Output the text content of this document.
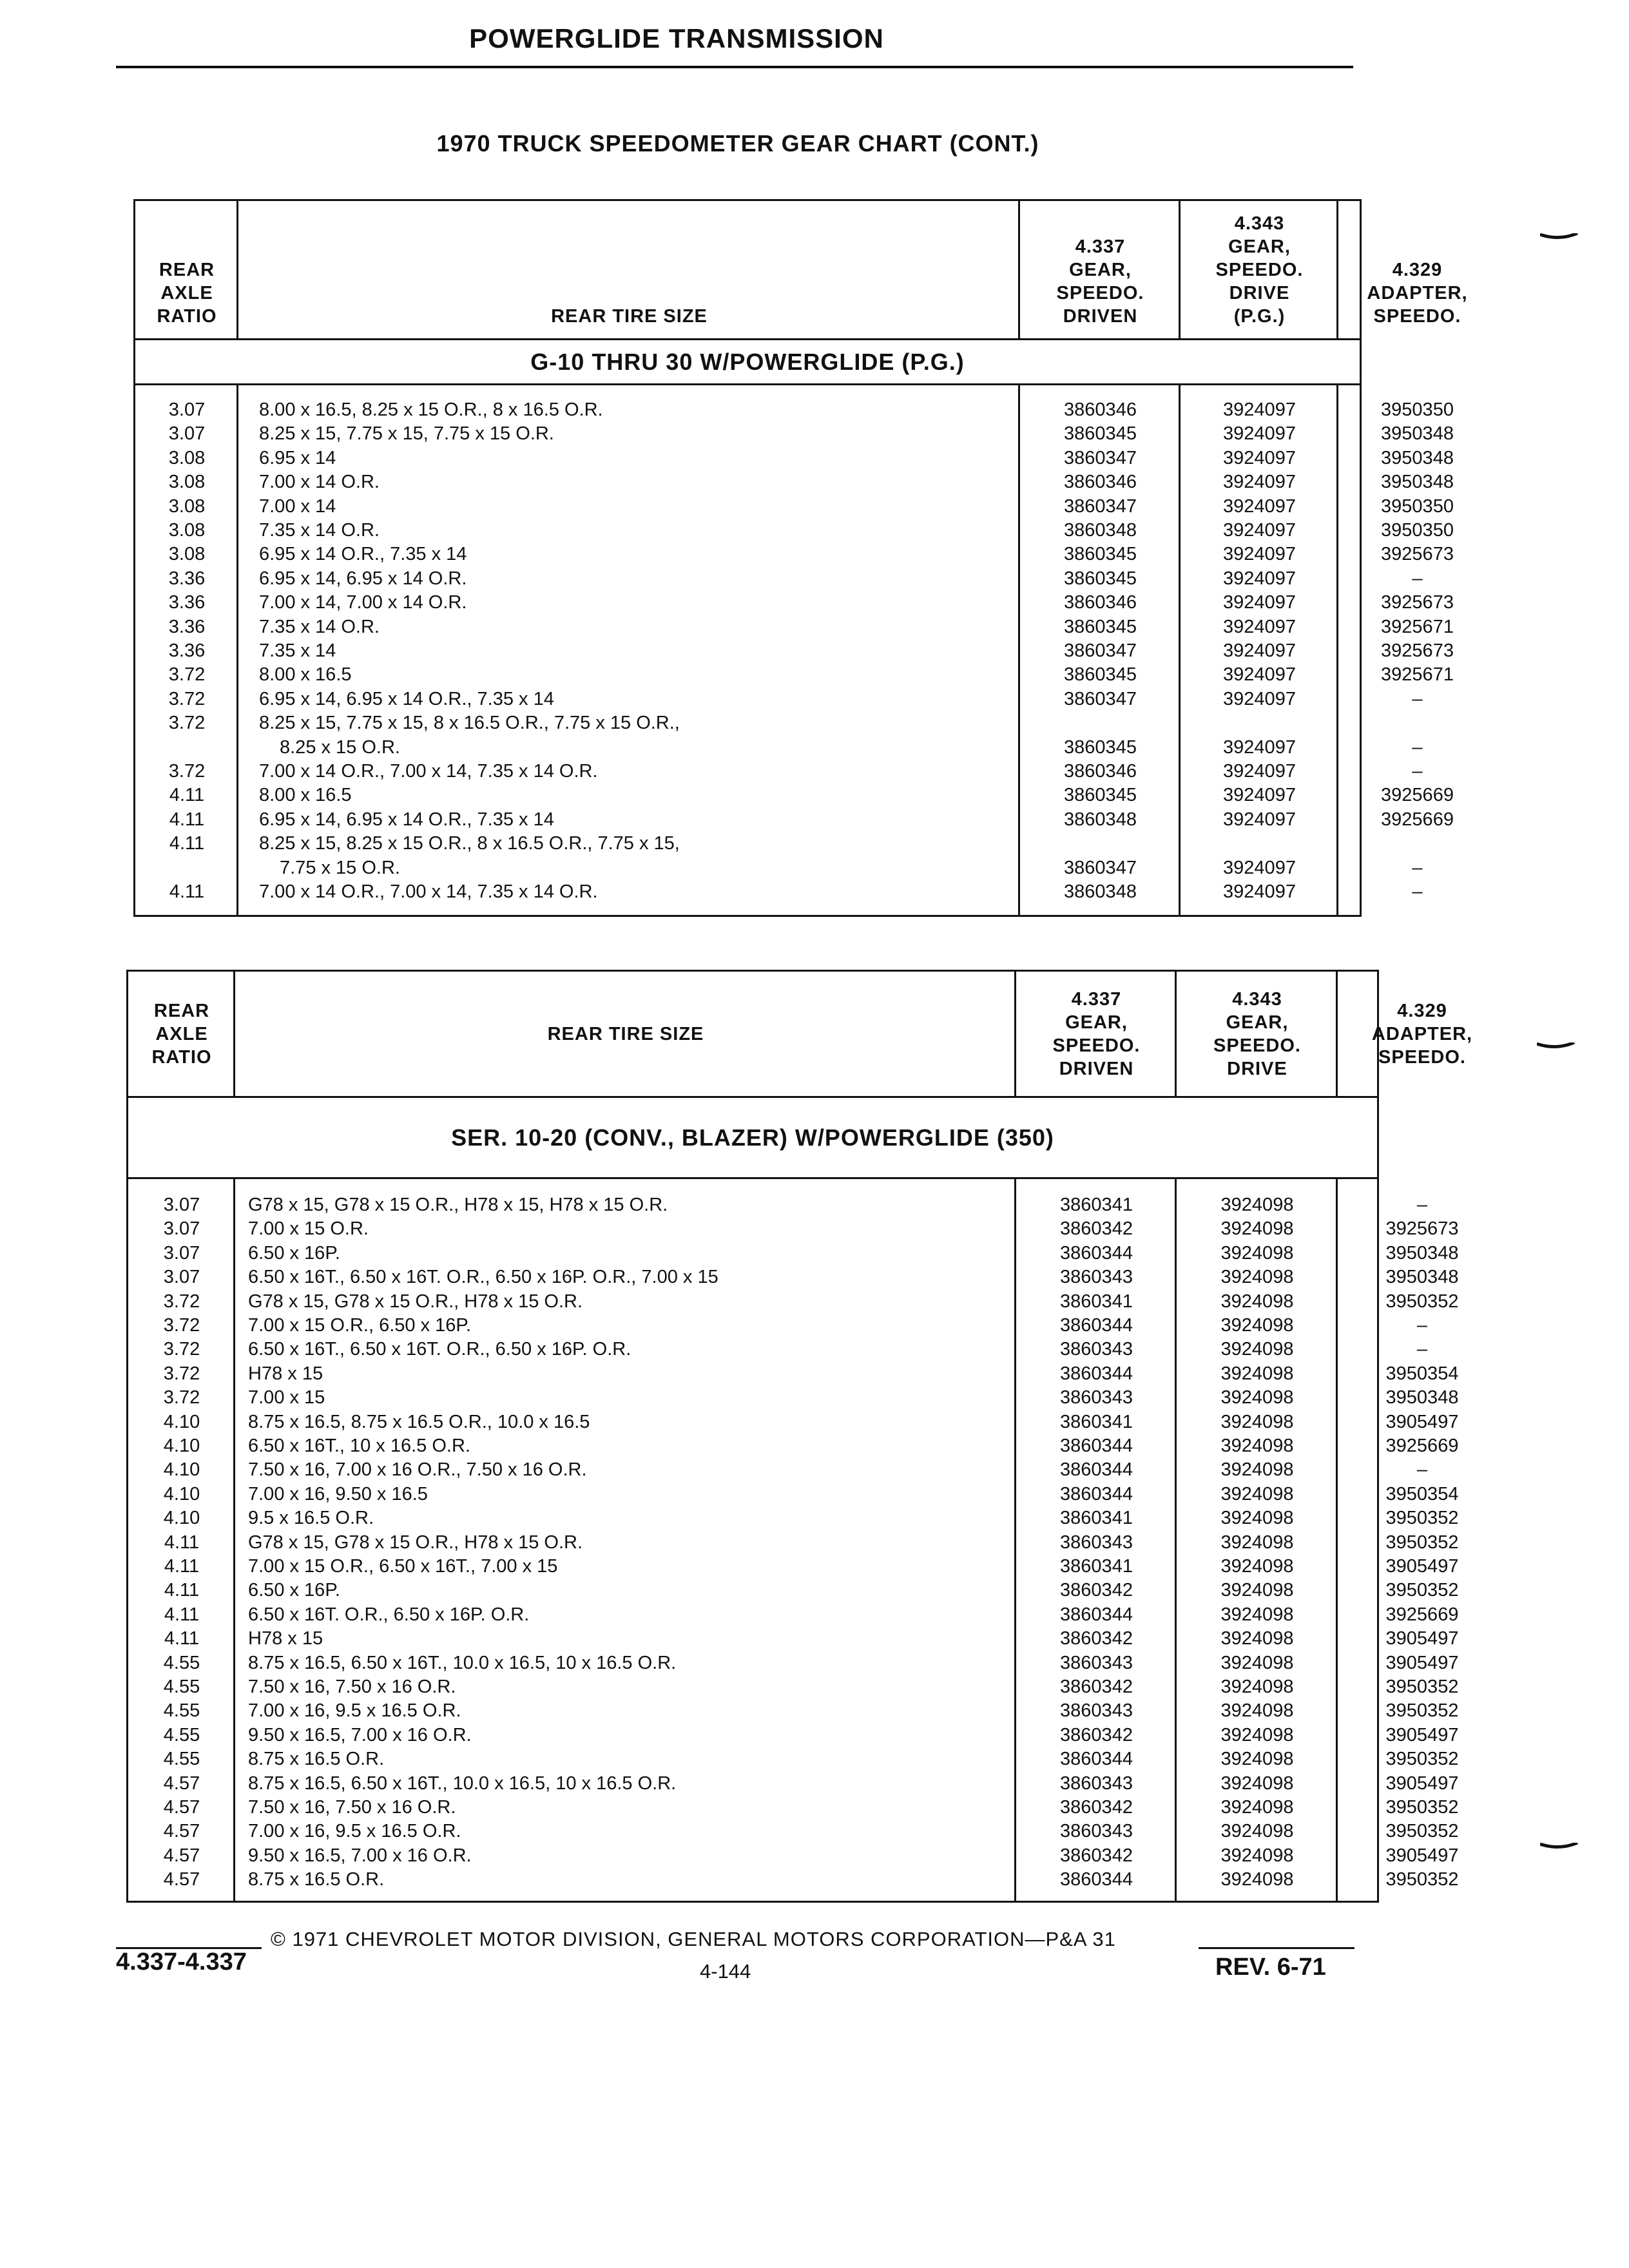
POWERGLIDE TRANSMISSION
1970 TRUCK SPEEDOMETER GEAR CHART (CONT.)
REAR
AXLE
RATIO	REAR TIRE SIZE
4.337
GEAR,
SPEEDO.
DRIVEN
4.343
GEAR,
SPEEDO.
DRIVE
(P.G.)
4.329
ADAPTER,
SPEEDO.
G-10 THRU 30 W/POWERGLIDE (P.G.)
3.07	8.00 x 16.5, 8.25 x 15 O.R., 8 x 16.5 O.R.	3860346	3924097	3950350
3.07	8.25 x 15, 7.75 x 15, 7.75 x 15 O.R.	3860345	3924097	3950348
3.08	6.95 x 14	3860347	3924097	3950348
3.08	7.00 x 14 O.R.	3860346	3924097	3950348
3.08	7.00 x 14	3860347	3924097	3950350
3.08	7.35 x 14 O.R.	3860348	3924097	3950350
3.08	6.95 x 14 O.R., 7.35 x 14	3860345	3924097	3925673
3.36	6.95 x 14, 6.95 x 14 O.R.	3860345	3924097	–
3.36	7.00 x 14, 7.00 x 14 O.R.	3860346	3924097	3925673
3.36	7.35 x 14 O.R.	3860345	3924097	3925671
3.36	7.35 x 14	3860347	3924097	3925673
3.72	8.00 x 16.5	3860345	3924097	3925671
3.72	6.95 x 14, 6.95 x 14 O.R., 7.35 x 14	3860347	3924097	–
3.72	8.25 x 15, 7.75 x 15, 8 x 16.5 O.R., 7.75 x 15 O.R.,
8.25 x 15 O.R.	3860345	3924097	–
3.72	7.00 x 14 O.R., 7.00 x 14, 7.35 x 14 O.R.	3860346	3924097	–
4.11	8.00 x 16.5	3860345	3924097	3925669
4.11	6.95 x 14, 6.95 x 14 O.R., 7.35 x 14	3860348	3924097	3925669
4.11	8.25 x 15, 8.25 x 15 O.R., 8 x 16.5 O.R., 7.75 x 15,
7.75 x 15 O.R.	3860347	3924097	–
4.11	7.00 x 14 O.R., 7.00 x 14, 7.35 x 14 O.R.	3860348	3924097	–
REAR
AXLE
RATIO
REAR TIRE SIZE
4.337
GEAR,
SPEEDO.
DRIVEN
4.343
GEAR,
SPEEDO.
DRIVE
4.329
ADAPTER,
SPEEDO.
SER. 10-20 (CONV., BLAZER) W/POWERGLIDE (350)
3.07	G78 x 15, G78 x 15 O.R., H78 x 15, H78 x 15 O.R.	3860341	3924098	–
3.07	7.00 x 15 O.R.	3860342	3924098	3925673
3.07	6.50 x 16P.	3860344	3924098	3950348
3.07	6.50 x 16T., 6.50 x 16T. O.R., 6.50 x 16P. O.R., 7.00 x 15	3860343	3924098	3950348
3.72	G78 x 15, G78 x 15 O.R., H78 x 15 O.R.	3860341	3924098	3950352
3.72	7.00 x 15 O.R., 6.50 x 16P.	3860344	3924098	–
3.72	6.50 x 16T., 6.50 x 16T. O.R., 6.50 x 16P. O.R.	3860343	3924098	–
3.72	H78 x 15	3860344	3924098	3950354
3.72	7.00 x 15	3860343	3924098	3950348
4.10	8.75 x 16.5, 8.75 x 16.5 O.R., 10.0 x 16.5	3860341	3924098	3905497
4.10	6.50 x 16T., 10 x 16.5 O.R.	3860344	3924098	3925669
4.10	7.50 x 16, 7.00 x 16 O.R., 7.50 x 16 O.R.	3860344	3924098	–
4.10	7.00 x 16, 9.50 x 16.5	3860344	3924098	3950354
4.10	9.5 x 16.5 O.R.	3860341	3924098	3950352
4.11	G78 x 15, G78 x 15 O.R., H78 x 15 O.R.	3860343	3924098	3950352
4.11	7.00 x 15 O.R., 6.50 x 16T., 7.00 x 15	3860341	3924098	3905497
4.11	6.50 x 16P.	3860342	3924098	3950352
4.11	6.50 x 16T. O.R., 6.50 x 16P. O.R.	3860344	3924098	3925669
4.11	H78 x 15	3860342	3924098	3905497
4.55	8.75 x 16.5, 6.50 x 16T., 10.0 x 16.5, 10 x 16.5 O.R.	3860343	3924098	3905497
4.55	7.50 x 16, 7.50 x 16 O.R.	3860342	3924098	3950352
4.55	7.00 x 16, 9.5 x 16.5 O.R.	3860343	3924098	3950352
4.55	9.50 x 16.5, 7.00 x 16 O.R.	3860342	3924098	3905497
4.55	8.75 x 16.5 O.R.	3860344	3924098	3950352
4.57	8.75 x 16.5, 6.50 x 16T., 10.0 x 16.5, 10 x 16.5 O.R.	3860343	3924098	3905497
4.57	7.50 x 16, 7.50 x 16 O.R.	3860342	3924098	3950352
4.57	7.00 x 16, 9.5 x 16.5 O.R.	3860343	3924098	3950352
4.57	9.50 x 16.5, 7.00 x 16 O.R.	3860342	3924098	3905497
4.57	8.75 x 16.5 O.R.	3860344	3924098	3950352
© 1971 CHEVROLET MOTOR DIVISION, GENERAL MOTORS CORPORATION—P&A 31
4.337-4.337	4-144	REV. 6-71
